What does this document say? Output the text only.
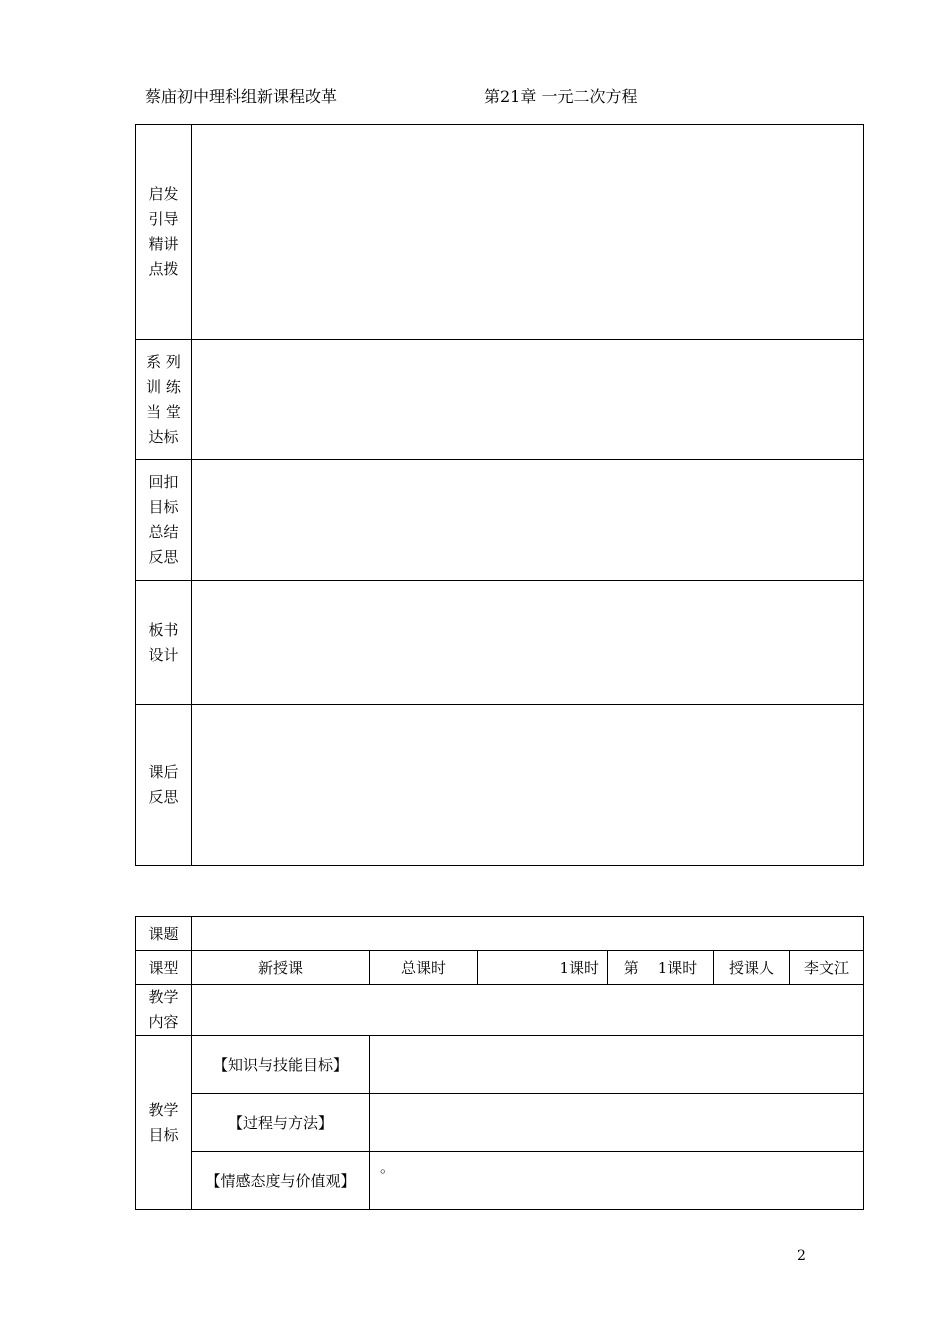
蔡庙初中理科组新课程改革	第21章 一元二次方程
启发
引导
精讲
点拨	

系 列
训 练
当 堂
达标	

回扣
目标
总结
反思	

板书
设计	

课后
反思	

课题						
课型	新授课	总课时	1课时	第    1课时	授课人	李文江

教学
内容						

教学
目标	【知识与技能目标】					
	【过程与方法】					
	【情感态度与价值观】	。				
2
